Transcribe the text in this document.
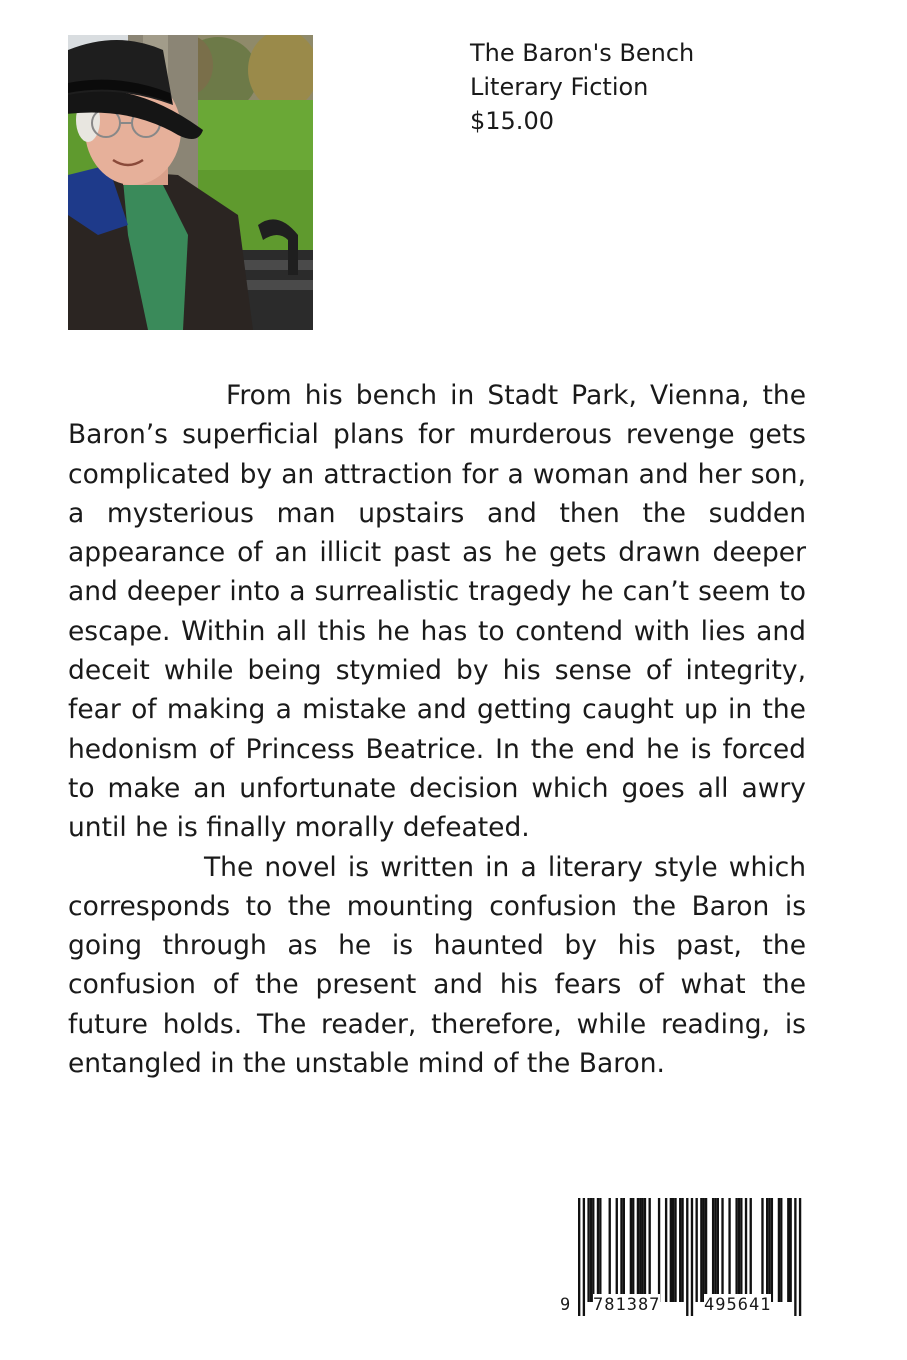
The Baron's Bench
Literary Fiction
$15.00

From his bench in Stadt Park, Vienna, the Baron’s superficial plans for murderous revenge gets complicated by an attraction for a woman and her son, a mysterious man upstairs and then the sudden appearance of an illicit past as he gets drawn deeper and deeper into a surrealistic tragedy he can’t seem to escape. Within all this he has to contend with lies and deceit while being stymied by his sense of integrity, fear of making a mistake and getting caught up in the hedonism of Princess Beatrice. In the end he is forced to make an unfortunate decision which goes all awry until he is finally morally defeated.

The novel is written in a literary style which corresponds to the mounting confusion the Baron is going through as he is haunted by his past, the confusion of the present and his fears of what the future holds. The reader, therefore, while reading, is entangled in the unstable mind of the Baron.

9 781387	495641
